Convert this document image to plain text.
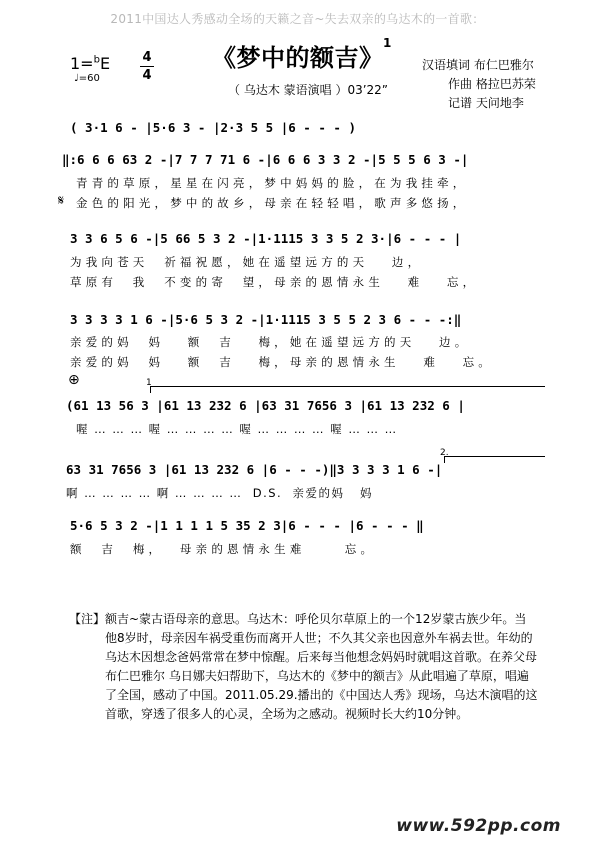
2011中国达人秀感动全场的天籁之音~失去双亲的乌达木的一首歌：
1=$^b$E
♩=60
4
4
《梦中的额吉》
1
（ 乌达木 蒙语演唱 ）03’22”
汉语填词 布仁巴雅尔
作曲 格拉巴苏荣
记谱 天问地李
( 3·1 6 - |5·6 3 - |2·3 5 5 |6 - - - )
‖:6 6 6 63 2 -|7 7 7 71 6 -|6 6 6 3 3 2 -|5 5 5 6 3 -|
青青的草原，星星在闪亮，梦中妈妈的脸，在为我挂牵，
𝄋 金色的阳光，梦中的故乡，母亲在轻轻唱，歌声多悠扬，
3 3 6 5 6 -|5 66 5 3 2 -|1·1115 3 3 5 2 3·|6 - - - |
为我向苍天  祈福祝愿，她在遥望远方的天   边，
草原有  我  不变的寄  望，母亲的恩情永生   难   忘，
3 3 3 3 1 6 -|5·6 5 3 2 -|1·1115 3 5 5 2 3 6 - - -:‖
亲爱的妈  妈   额  吉   梅，她在遥望远方的天   边。
亲爱的妈  妈   额  吉   梅，母亲的恩情永生   难   忘。
⊕	1
(61 13 56 3 |61 13 232 6 |63 31 7656 3 |61 13 232 6 |
喔 … … … 喔 … … … … 喔 … … … … 喔 … … …
2.
63 31 7656 3 |61 13 232 6 |6 - - -)‖3 3 3 3 1 6 -|
啊 … … … … 啊 … … … …  D.S.  亲爱的妈   妈
5·6 5 3 2 -|1 1 1 1 5 35 2 3|6 - - - |6 - - - ‖
额  吉  梅，  母亲的恩情永生难     忘。
【注】 额吉~蒙古语母亲的意思。乌达木：呼伦贝尔草原上的一个12岁蒙古族少年。当他8岁时，母亲因车祸受重伤而离开人世；不久其父亲也因意外车祸去世。年幼的乌达木因想念爸妈常常在梦中惊醒。后来每当他想念妈妈时就唱这首歌。在养父母布仁巴雅尔 乌日娜夫妇帮助下，乌达木的《梦中的额吉》从此唱遍了草原，唱遍了全国，感动了中国。2011.05.29.播出的《中国达人秀》现场，乌达木演唱的这首歌，穿透了很多人的心灵，全场为之感动。视频时长大约10分钟。
www.592pp.com
